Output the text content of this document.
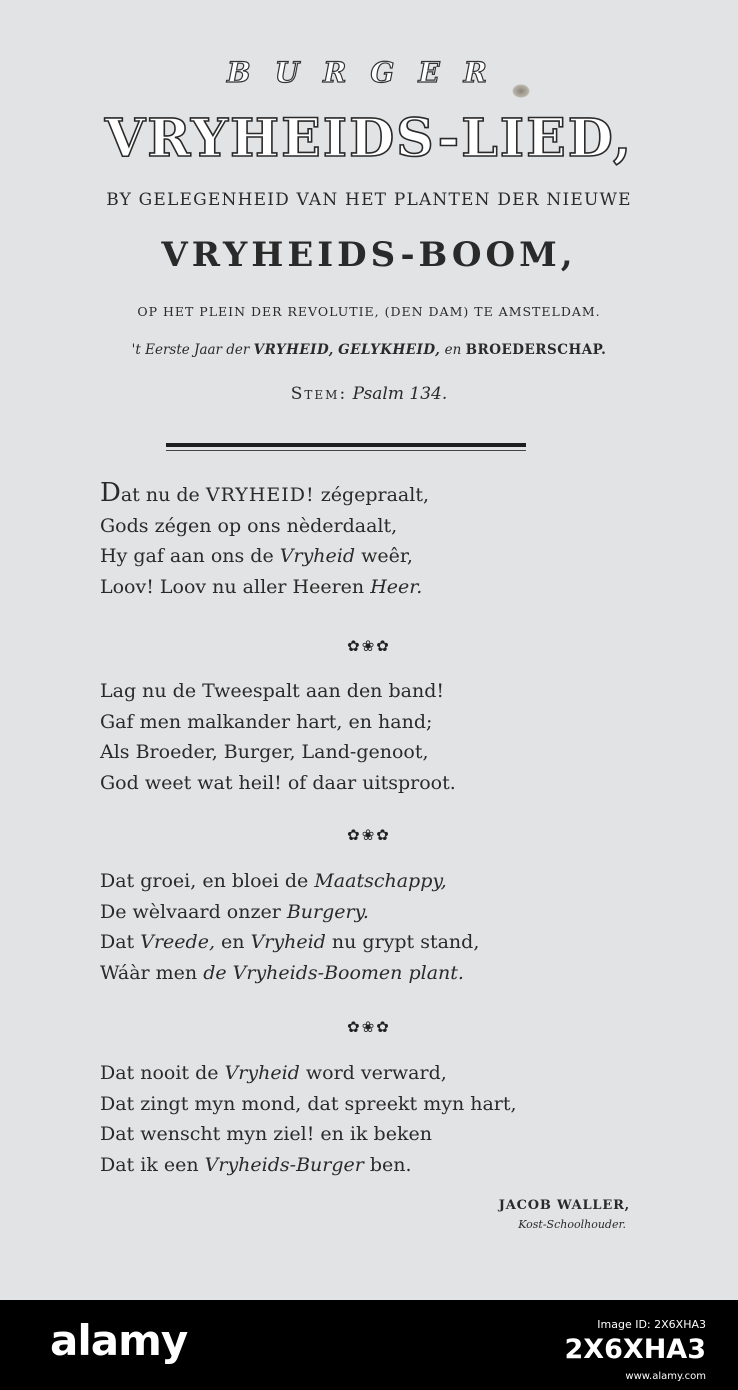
BURGER
VRYHEIDS-LIED,
BY GELEGENHEID VAN HET PLANTEN DER NIEUWE
VRYHEIDS-BOOM,
OP HET PLEIN DER REVOLUTIE, (DEN DAM) TE AMSTELDAM.
't Eerste Jaar der VRYHEID, GELYKHEID, en BROEDERSCHAP.
Stem: Psalm 134.
Dat nu de VRYHEID! zégepraalt,
Gods zégen op ons nèderdaalt,
Hy gaf aan ons de Vryheid weêr,
Loov! Loov nu aller Heeren Heer.
✿❀✿
Lag nu de Tweespalt aan den band!
Gaf men malkander hart, en hand;
Als Broeder, Burger, Land-genoot,
God weet wat heil! of daar uitsproot.
✿❀✿
Dat groei, en bloei de Maatschappy,
De wèlvaard onzer Burgery.
Dat Vreede, en Vryheid nu grypt stand,
Wáàr men de Vryheids-Boomen plant.
✿❀✿
Dat nooit de Vryheid word verward,
Dat zingt myn mond, dat spreekt myn hart,
Dat wenscht myn ziel! en ik beken
Dat ik een Vryheids-Burger ben.
JACOB WALLER,
Kost-Schoolhouder.
alamy	Image ID: 2X6XHA3
2X6XHA3
www.alamy.com
